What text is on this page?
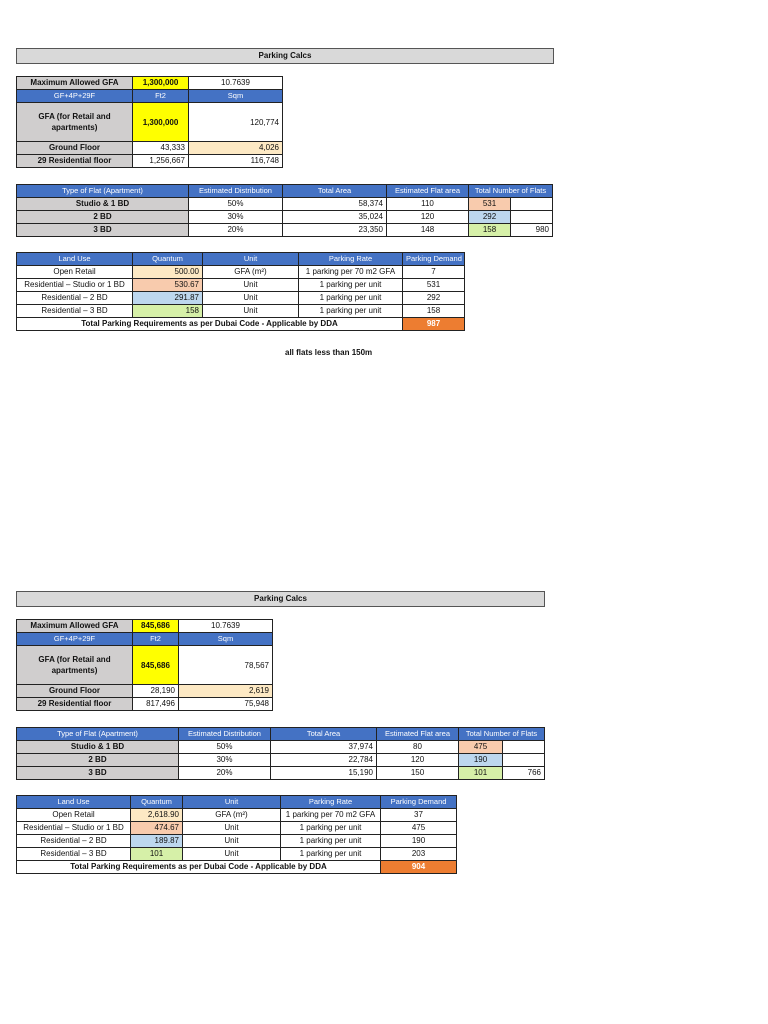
Parking Calcs
Maximum Allowed GFA	1,300,000	10.7639
GF+4P+29F	Ft2	Sqm
GFA (for Retail and apartments)	1,300,000	120,774
Ground Floor	43,333	4,026
29 Residential floor	1,256,667	116,748
Type of Flat (Apartment)	Estimated Distribution	Total Area	Estimated Flat area	Total Number of Flats	
Studio & 1 BD	50%	58,374	110	531	
2 BD	30%	35,024	120	292	
3 BD	20%	23,350	148	158	980
Land Use	Quantum	Unit	Parking Rate	Parking Demand
Open Retail	500.00	GFA (m²)	1 parking per 70 m2 GFA	7
Residential – Studio or 1 BD	530.67	Unit	1 parking per unit	531
Residential – 2 BD	291.87	Unit	1 parking per unit	292
Residential – 3 BD	158	Unit	1 parking per unit	158
Total Parking Requirements as per Dubai Code - Applicable by DDA				987
all flats less than 150m
Parking Calcs
Maximum Allowed GFA	845,686	10.7639
GF+4P+29F	Ft2	Sqm
GFA (for Retail and apartments)	845,686	78,567
Ground Floor	28,190	2,619
29 Residential floor	817,496	75,948
Type of Flat (Apartment)	Estimated Distribution	Total Area	Estimated Flat area	Total Number of Flats	
Studio & 1 BD	50%	37,974	80	475	
2 BD	30%	22,784	120	190	
3 BD	20%	15,190	150	101	766
Land Use	Quantum	Unit	Parking Rate	Parking Demand
Open Retail	2,618.90	GFA (m²)	1 parking per 70 m2 GFA	37
Residential – Studio or 1 BD	474.67	Unit	1 parking per unit	475
Residential – 2 BD	189.87	Unit	1 parking per unit	190
Residential – 3 BD	101	Unit	1 parking per unit	203
Total Parking Requirements as per Dubai Code - Applicable by DDA				904
